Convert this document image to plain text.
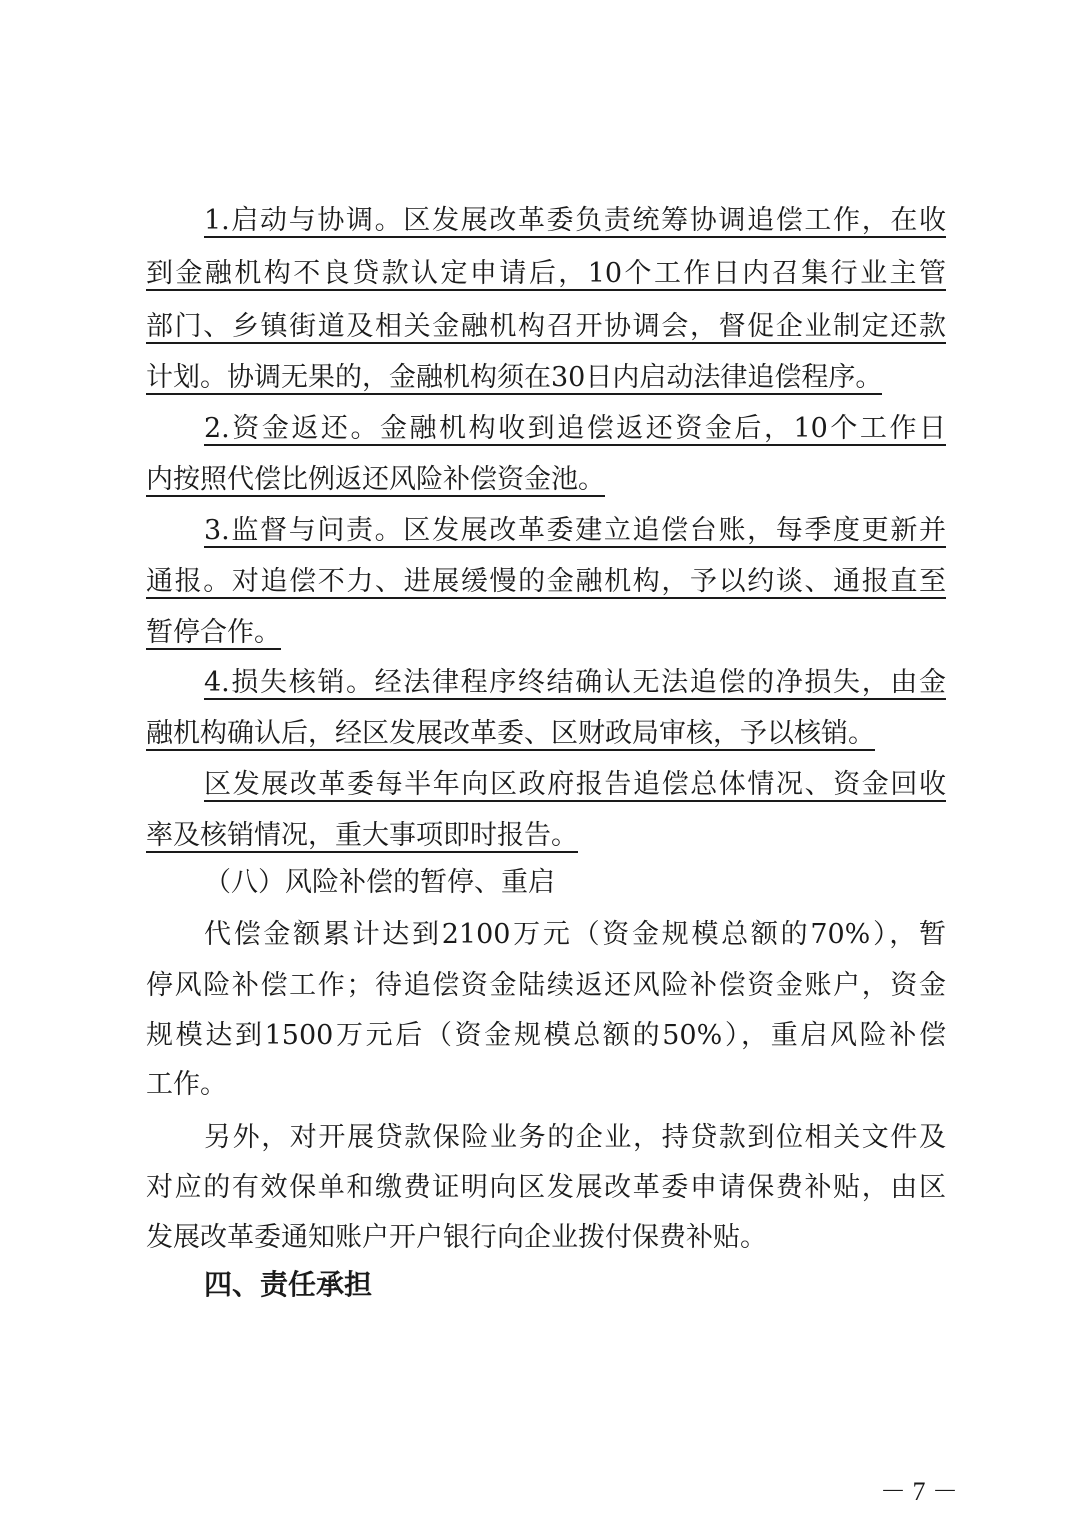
1.启动与协调。区发展改革委负责统筹协调追偿工作，在收
到金融机构不良贷款认定申请后，10个工作日内召集行业主管
部门、乡镇街道及相关金融机构召开协调会，督促企业制定还款
计划。协调无果的，金融机构须在30日内启动法律追偿程序。
2.资金返还。金融机构收到追偿返还资金后，10个工作日
内按照代偿比例返还风险补偿资金池。
3.监督与问责。区发展改革委建立追偿台账，每季度更新并
通报。对追偿不力、进展缓慢的金融机构，予以约谈、通报直至
暂停合作。
4.损失核销。经法律程序终结确认无法追偿的净损失，由金
融机构确认后，经区发展改革委、区财政局审核，予以核销。
区发展改革委每半年向区政府报告追偿总体情况、资金回收
率及核销情况，重大事项即时报告。
（八）风险补偿的暂停、重启
代偿金额累计达到2100万元（资金规模总额的70%），暂
停风险补偿工作；待追偿资金陆续返还风险补偿资金账户，资金
规模达到1500万元后（资金规模总额的50%），重启风险补偿
工作。
另外，对开展贷款保险业务的企业，持贷款到位相关文件及
对应的有效保单和缴费证明向区发展改革委申请保费补贴，由区
发展改革委通知账户开户银行向企业拨付保费补贴。
四、责任承担
－ 7 －
